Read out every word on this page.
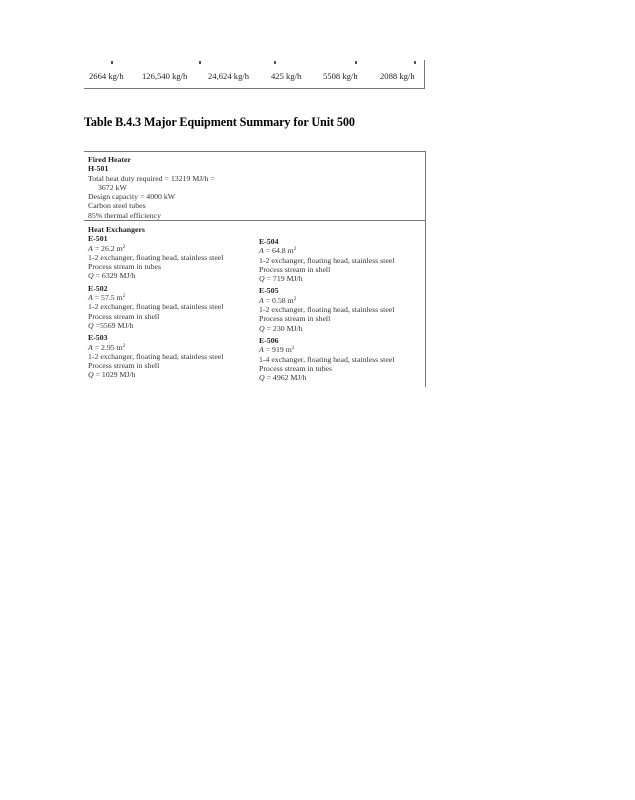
2664 kg/h 126,540 kg/h 24,624 kg/h	425 kg/h	5508 kg/h	2088 kg/h
Table B.4.3 Major Equipment Summary for Unit 500
Fired Heater
H-501
Total heat duty required = 13219 MJ/h =
3672 kW
Design capacity = 4000 kW
Carbon steel tubes
85% thermal efficiency
Heat Exchangers
E-501
A = 26.2 $m^2$
1-2 exchanger, floating head, stainless steel
Process stream in tubes
Q = 6329 MJ/h
E-502
A = 57.5 $m^2$
1-2 exchanger, floating head, stainless steel
Process stream in shell
Q =5569 MJ/h
E-503
A = 2.95 $m^2$
1-2 exchanger, floating head, stainless steel
Process stream in shell
Q = 1029 MJ/h
E-504
A = 64.8 $m^2$
1-2 exchanger, floating head, stainless steel
Process stream in shell
Q = 719 MJ/h
E-505
A = 0.58 $m^2$
1-2 exchanger, floating head, stainless steel
Process stream in shell
Q = 230 MJ/h
E-506
A = 919 $m^2$
1-4 exchanger, floating head, stainless steel
Process stream in tubes
Q = 4962 MJ/h
